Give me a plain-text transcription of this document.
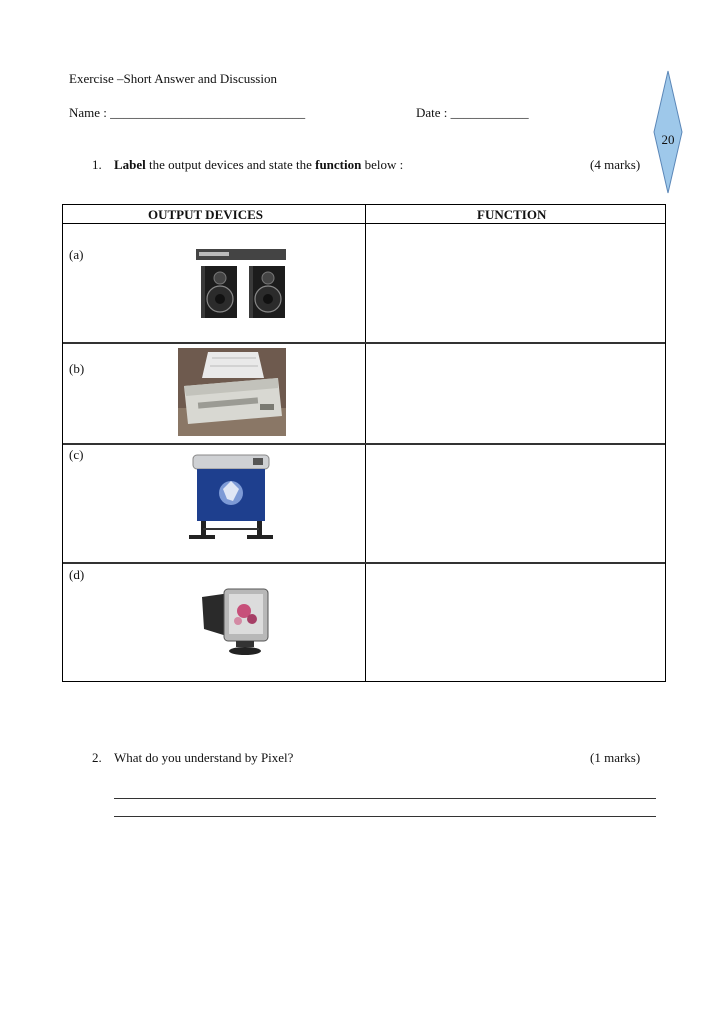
Exercise –Short Answer and Discussion
Name : ______________________________	Date : ____________
20
1. Label the output devices and state the function below :	(4 marks)
OUTPUT DEVICES	FUNCTION
(a)
(b)
(c)
(d)
2. What do you understand by Pixel?	(1 marks)
